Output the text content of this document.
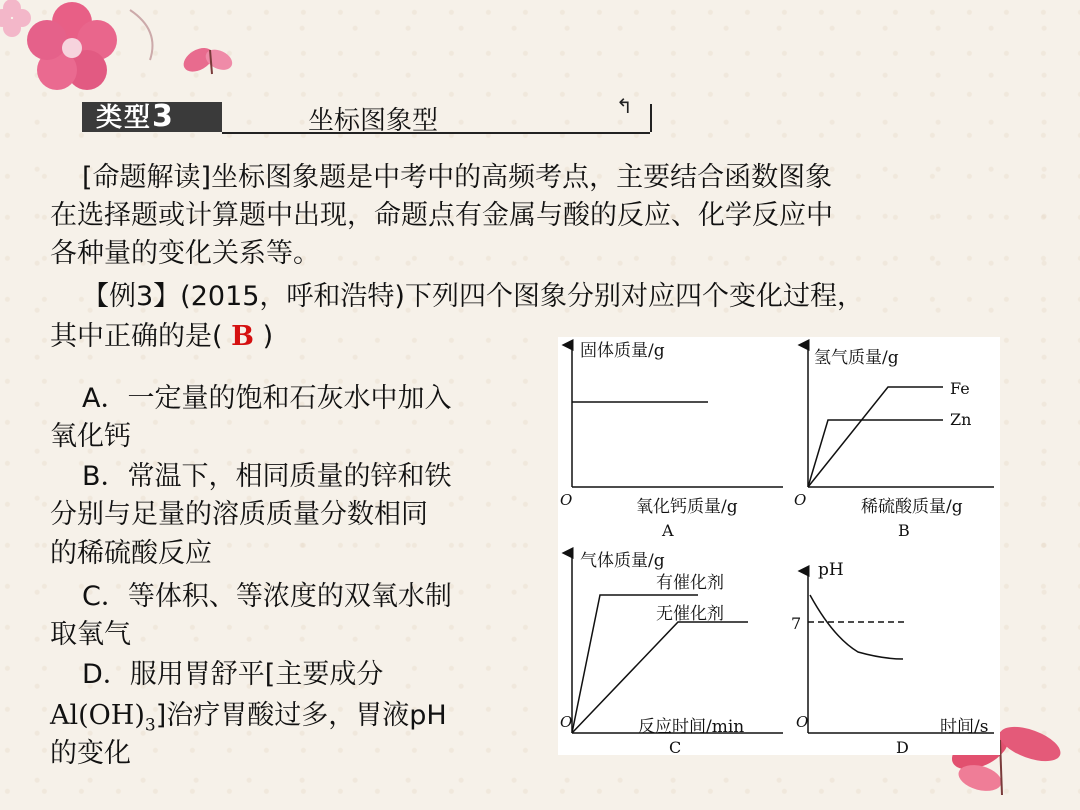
类型3	坐标图象型	↰
[命题解读]坐标图象题是中考中的高频考点，主要结合函数图象
在选择题或计算题中出现，命题点有金属与酸的反应、化学反应中
各种量的变化关系等。
【例3】(2015，呼和浩特)下列四个图象分别对应四个变化过程，
其中正确的是( B )
A．一定量的饱和石灰水中加入
氧化钙
B．常温下，相同质量的锌和铁
分别与足量的溶质质量分数相同
的稀硫酸反应
C．等体积、等浓度的双氧水制
取氧气
D．服用胃舒平[主要成分
$Al(OH)_3$]治疗胃酸过多，胃液pH
的变化
固体质量/g
O	氧化钙质量/g
A
氢气质量/g
O	稀硫酸质量/g
B
Fe
Zn
气体质量/g
有催化剂
无催化剂
O	反应时间/min
C
pH
7
O	时间/s
D
